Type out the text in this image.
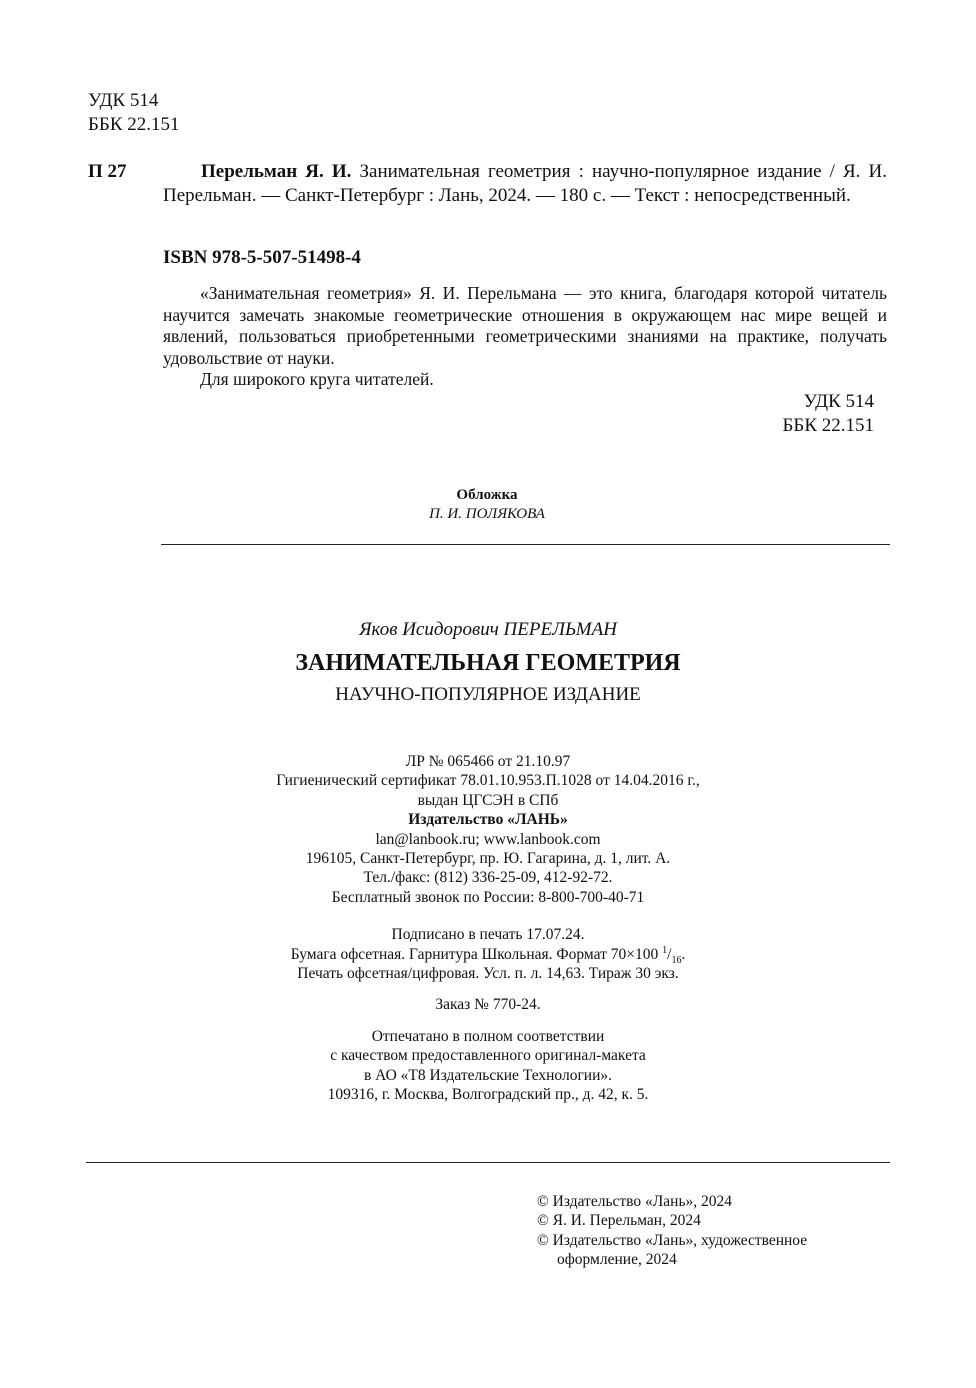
УДК 514
ББК 22.151
П 27	Перельман Я. И. Занимательная геометрия : научно-популярное издание / Я. И. Перельман. — Санкт-Петербург : Лань, 2024. — 180 с. — Текст : непосредственный.
ISBN 978-5-507-51498-4

«Занимательная геометрия» Я. И. Перельмана — это книга, благодаря которой читатель научится замечать знакомые геометрические отношения в окружающем нас мире вещей и явлений, пользоваться приобретенными геометрическими знаниями на практике, получать удовольствие от науки.

Для широкого круга читателей.

УДК 514
ББК 22.151
Обложка
П. И. ПОЛЯКОВА
Яков Исидорович ПЕРЕЛЬМАН
ЗАНИМАТЕЛЬНАЯ ГЕОМЕТРИЯ
НАУЧНО-ПОПУЛЯРНОЕ ИЗДАНИЕ
ЛР № 065466 от 21.10.97
Гигиенический сертификат 78.01.10.953.П.1028 от 14.04.2016 г.,
выдан ЦГСЭН в СПб
Издательство «ЛАНЬ»
lan@lanbook.ru; www.lanbook.com
196105, Санкт-Петербург, пр. Ю. Гагарина, д. 1, лит. А.
Тел./факс: (812) 336-25-09, 412-92-72.
Бесплатный звонок по России: 8-800-700-40-71
Подписано в печать 17.07.24.
Бумага офсетная. Гарнитура Школьная. Формат 70×100 $^1/_{16}$.
Печать офсетная/цифровая. Усл. п. л. 14,63. Тираж 30 экз.
Заказ № 770-24.
Отпечатано в полном соответствии
с качеством предоставленного оригинал-макета
в АО «T8 Издательские Технологии».
109316, г. Москва, Волгоградский пр., д. 42, к. 5.
© Издательство «Лань», 2024
© Я. И. Перельман, 2024
© Издательство «Лань», художественное
оформление, 2024
